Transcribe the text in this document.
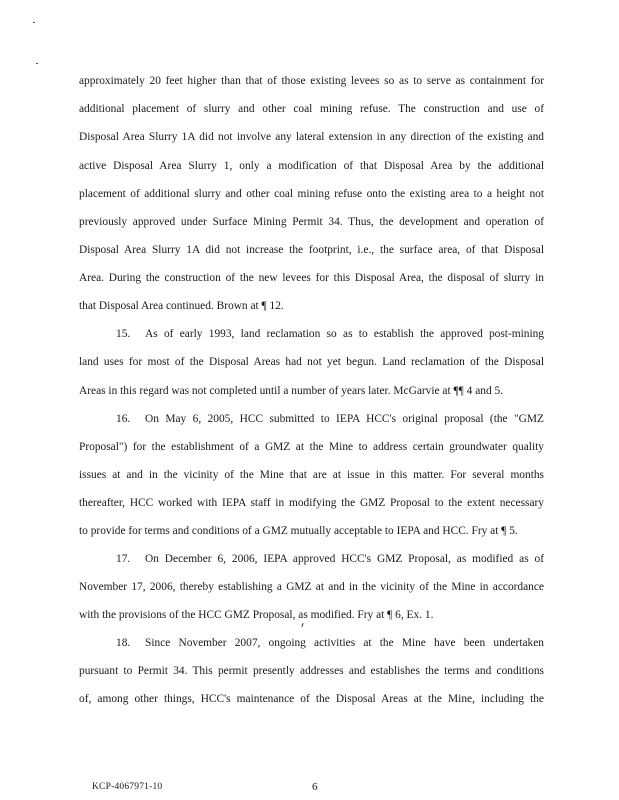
approximately 20 feet higher than that of those existing levees so as to serve as containment for
additional placement of slurry and other coal mining refuse. The construction and use of
Disposal Area Slurry 1A did not involve any lateral extension in any direction of the existing and
active Disposal Area Slurry 1, only a modification of that Disposal Area by the additional
placement of additional slurry and other coal mining refuse onto the existing area to a height not
previously approved under Surface Mining Permit 34. Thus, the development and operation of
Disposal Area Slurry 1A did not increase the footprint, i.e., the surface area, of that Disposal
Area. During the construction of the new levees for this Disposal Area, the disposal of slurry in
that Disposal Area continued. Brown at ¶ 12.
15. As of early 1993, land reclamation so as to establish the approved post-mining
land uses for most of the Disposal Areas had not yet begun. Land reclamation of the Disposal
Areas in this regard was not completed until a number of years later. McGarvie at ¶¶ 4 and 5.
16. On May 6, 2005, HCC submitted to IEPA HCC's original proposal (the "GMZ
Proposal") for the establishment of a GMZ at the Mine to address certain groundwater quality
issues at and in the vicinity of the Mine that are at issue in this matter. For several months
thereafter, HCC worked with IEPA staff in modifying the GMZ Proposal to the extent necessary
to provide for terms and conditions of a GMZ mutually acceptable to IEPA and HCC. Fry at ¶ 5.
17. On December 6, 2006, IEPA approved HCC's GMZ Proposal, as modified as of
November 17, 2006, thereby establishing a GMZ at and in the vicinity of the Mine in accordance
with the provisions of the HCC GMZ Proposal, as modified. Fry at ¶ 6, Ex. 1.
18. Since November 2007, ongoing activities at the Mine have been undertaken
pursuant to Permit 34. This permit presently addresses and establishes the terms and conditions
of, among other things, HCC's maintenance of the Disposal Areas at the Mine, including the
KCP-4067971-10	6
